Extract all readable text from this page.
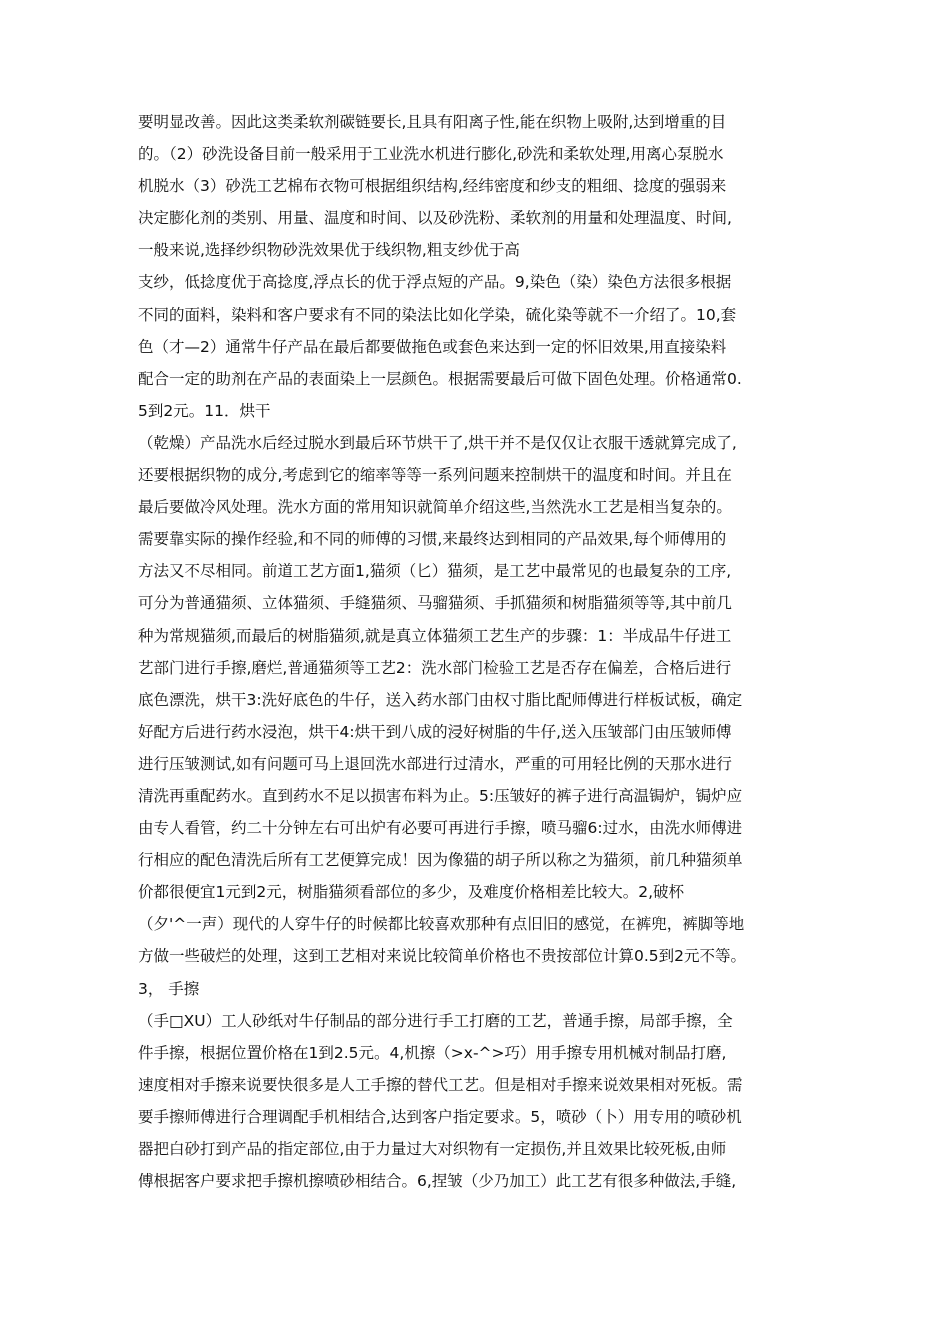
要明显改善。因此这类柔软剂碳链要长,且具有阳离子性,能在织物上吸附,达到增重的目
的。（2）砂洗设备目前一般采用于工业洗水机进行膨化,砂洗和柔软处理,用离心泵脱水
机脱水（3）砂洗工艺棉布衣物可根据组织结构,经纬密度和纱支的粗细、捻度的强弱来
决定膨化剂的类别、用量、温度和时间、以及砂洗粉、柔软剂的用量和处理温度、时间,
一般来说,选择纱织物砂洗效果优于线织物,粗支纱优于高
支纱，低捻度优于高捻度,浮点长的优于浮点短的产品。9,染色（染）染色方法很多根据
不同的面料，染料和客户要求有不同的染法比如化学染，硫化染等就不一介绍了。10,套
色（才—2）通常牛仔产品在最后都要做拖色或套色来达到一定的怀旧效果,用直接染料
配合一定的助剂在产品的表面染上一层颜色。根据需要最后可做下固色处理。价格通常0.
5到2元。11．烘干
（乾燥）产品洗水后经过脱水到最后环节烘干了,烘干并不是仅仅让衣服干透就算完成了,
还要根据织物的成分,考虑到它的缩率等等一系列问题来控制烘干的温度和时间。并且在
最后要做冷风处理。洗水方面的常用知识就简单介绍这些,当然洗水工艺是相当复杂的。
需要靠实际的操作经验,和不同的师傅的习惯,来最终达到相同的产品效果,每个师傅用的
方法又不尽相同。前道工艺方面1,猫须（匕）猫须，是工艺中最常见的也最复杂的工序,
可分为普通猫须、立体猫须、手缝猫须、马骝猫须、手抓猫须和树脂猫须等等,其中前几
种为常规猫须,而最后的树脂猫须,就是真立体猫须工艺生产的步骤：1：半成品牛仔进工
艺部门进行手擦,磨烂,普通猫须等工艺2：洗水部门检验工艺是否存在偏差，合格后进行
底色漂洗，烘干3:洗好底色的牛仔，送入药水部门由权寸脂比配师傅进行样板试板，确定
好配方后进行药水浸泡，烘干4:烘干到八成的浸好树脂的牛仔,送入压皱部门由压皱师傅
进行压皱测试,如有问题可马上退回洗水部进行过清水，严重的可用轻比例的天那水进行
清洗再重配药水。直到药水不足以损害布料为止。5:压皱好的裤子进行高温锔炉，锔炉应
由专人看管，约二十分钟左右可出炉有必要可再进行手擦，喷马骝6:过水，由洗水师傅进
行相应的配色清洗后所有工艺便算完成！因为像猫的胡子所以称之为猫须，前几种猫须单
价都很便宜1元到2元，树脂猫须看部位的多少，及难度价格相差比较大。2,破杯
（夕'^一声）现代的人穿牛仔的时候都比较喜欢那种有点旧旧的感觉，在裤兜，裤脚等地
方做一些破烂的处理，这到工艺相对来说比较简单价格也不贵按部位计算0.5到2元不等。
3， 手擦
（手□XU）工人砂纸对牛仔制品的部分进行手工打磨的工艺，普通手擦，局部手擦，全
件手擦，根据位置价格在1到2.5元。4,机擦（>x-^>巧）用手擦专用机械对制品打磨,
速度相对手擦来说要快很多是人工手擦的替代工艺。但是相对手擦来说效果相对死板。需
要手擦师傅进行合理调配手机相结合,达到客户指定要求。5，喷砂（卜）用专用的喷砂机
器把白砂打到产品的指定部位,由于力量过大对织物有一定损伤,并且效果比较死板,由师
傅根据客户要求把手擦机擦喷砂相结合。6,捏皱（少乃加工）此工艺有很多种做法,手缝,
